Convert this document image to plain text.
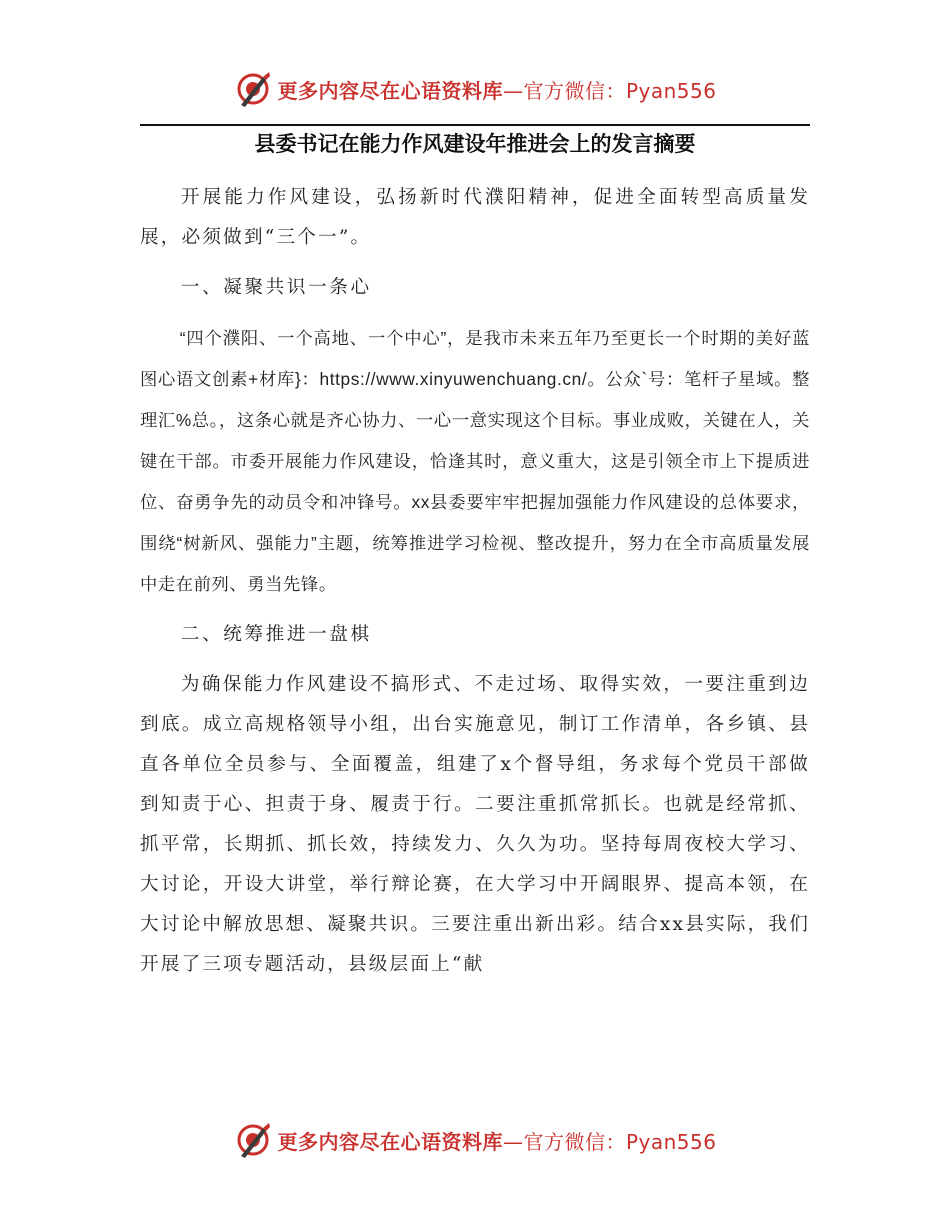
更多内容尽在心语资料库—官方微信：Pyan556
县委书记在能力作风建设年推进会上的发言摘要

开展能力作风建设，弘扬新时代濮阳精神，促进全面转型高质量发展，必须做到“三个一”。

一、凝聚共识一条心

“四个濮阳、一个高地、一个中心”，是我市未来五年乃至更长一个时期的美好蓝图心语文创素+材库}：https://www.xinyuwenchuang.cn/。公众`号：笔杆子星域。整理汇%总。，这条心就是齐心协力、一心一意实现这个目标。事业成败，关键在人，关键在干部。市委开展能力作风建设，恰逢其时，意义重大，这是引领全市上下提质进位、奋勇争先的动员令和冲锋号。xx县委要牢牢把握加强能力作风建设的总体要求，围绕“树新风、强能力”主题，统筹推进学习检视、整改提升，努力在全市高质量发展中走在前列、勇当先锋。

二、统筹推进一盘棋

为确保能力作风建设不搞形式、不走过场、取得实效，一要注重到边到底。成立高规格领导小组，出台实施意见，制订工作清单，各乡镇、县直各单位全员参与、全面覆盖，组建了x个督导组，务求每个党员干部做到知责于心、担责于身、履责于行。二要注重抓常抓长。也就是经常抓、抓平常，长期抓、抓长效，持续发力、久久为功。坚持每周夜校大学习、大讨论，开设大讲堂，举行辩论赛，在大学习中开阔眼界、提高本领，在大讨论中解放思想、凝聚共识。三要注重出新出彩。结合xx县实际，我们开展了三项专题活动，县级层面上“献

更多内容尽在心语资料库—官方微信：Pyan556
